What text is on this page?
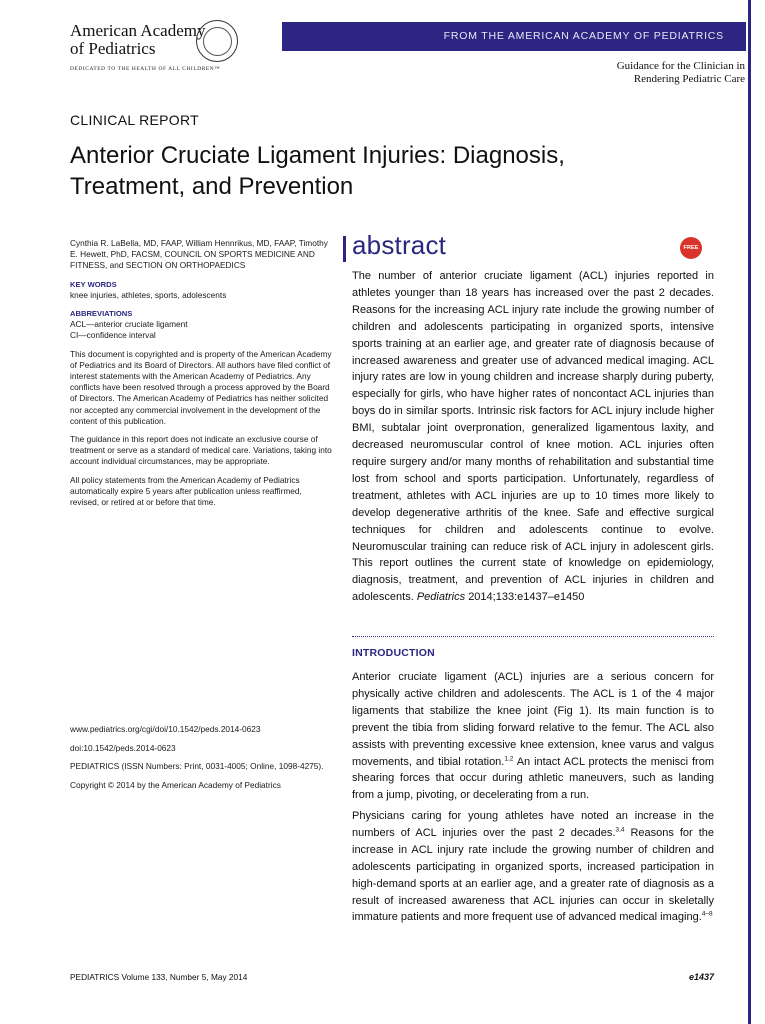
American Academy
of Pediatrics
DEDICATED TO THE HEALTH OF ALL CHILDREN™
FROM THE AMERICAN ACADEMY OF PEDIATRICS
Guidance for the Clinician in
Rendering Pediatric Care
CLINICAL REPORT
Anterior Cruciate Ligament Injuries: Diagnosis,
Treatment, and Prevention

Cynthia R. LaBella, MD, FAAP, William Hennrikus, MD, FAAP, Timothy E. Hewett, PhD, FACSM, COUNCIL ON SPORTS MEDICINE AND FITNESS, and SECTION ON ORTHOPAEDICS

KEY WORDS

knee injuries, athletes, sports, adolescents

ABBREVIATIONS

ACL—anterior cruciate ligament

CI—confidence interval

This document is copyrighted and is property of the American Academy of Pediatrics and its Board of Directors. All authors have filed conflict of interest statements with the American Academy of Pediatrics. Any conflicts have been resolved through a process approved by the Board of Directors. The American Academy of Pediatrics has neither solicited nor accepted any commercial involvement in the development of the content of this publication.

The guidance in this report does not indicate an exclusive course of treatment or serve as a standard of medical care. Variations, taking into account individual circumstances, may be appropriate.

All policy statements from the American Academy of Pediatrics automatically expire 5 years after publication unless reaffirmed, revised, or retired at or before that time.

www.pediatrics.org/cgi/doi/10.1542/peds.2014-0623

doi:10.1542/peds.2014-0623

PEDIATRICS (ISSN Numbers: Print, 0031-4005; Online, 1098-4275).

Copyright © 2014 by the American Academy of Pediatrics

abstract	FREE
The number of anterior cruciate ligament (ACL) injuries reported in athletes younger than 18 years has increased over the past 2 decades. Reasons for the increasing ACL injury rate include the growing number of children and adolescents participating in organized sports, intensive sports training at an earlier age, and greater rate of diagnosis because of increased awareness and greater use of advanced medical imaging. ACL injury rates are low in young children and increase sharply during puberty, especially for girls, who have higher rates of noncontact ACL injuries than boys do in similar sports. Intrinsic risk factors for ACL injury include higher BMI, subtalar joint overpronation, generalized ligamentous laxity, and decreased neuromuscular control of knee motion. ACL injuries often require surgery and/or many months of rehabilitation and substantial time lost from school and sports participation. Unfortunately, regardless of treatment, athletes with ACL injuries are up to 10 times more likely to develop degenerative arthritis of the knee. Safe and effective surgical techniques for children and adolescents continue to evolve. Neuromuscular training can reduce risk of ACL injury in adolescent girls. This report outlines the current state of knowledge on epidemiology, diagnosis, treatment, and prevention of ACL injuries in children and adolescents. Pediatrics 2014;133:e1437–e1450
INTRODUCTION
Anterior cruciate ligament (ACL) injuries are a serious concern for physically active children and adolescents. The ACL is 1 of the 4 major ligaments that stabilize the knee joint (Fig 1). Its main function is to prevent the tibia from sliding forward relative to the femur. The ACL also assists with preventing excessive knee extension, knee varus and valgus movements, and tibial rotation.$^{1,2}$ An intact ACL protects the menisci from shearing forces that occur during athletic maneuvers, such as landing from a jump, pivoting, or decelerating from a run.
Physicians caring for young athletes have noted an increase in the numbers of ACL injuries over the past 2 decades.$^{3,4}$ Reasons for the increase in ACL injury rate include the growing number of children and adolescents participating in organized sports, increased participation in high-demand sports at an earlier age, and a greater rate of diagnosis as a result of increased awareness that ACL injuries can occur in skeletally immature patients and more frequent use of advanced medical imaging.$^{4-8}$
PEDIATRICS Volume 133, Number 5, May 2014	e1437
